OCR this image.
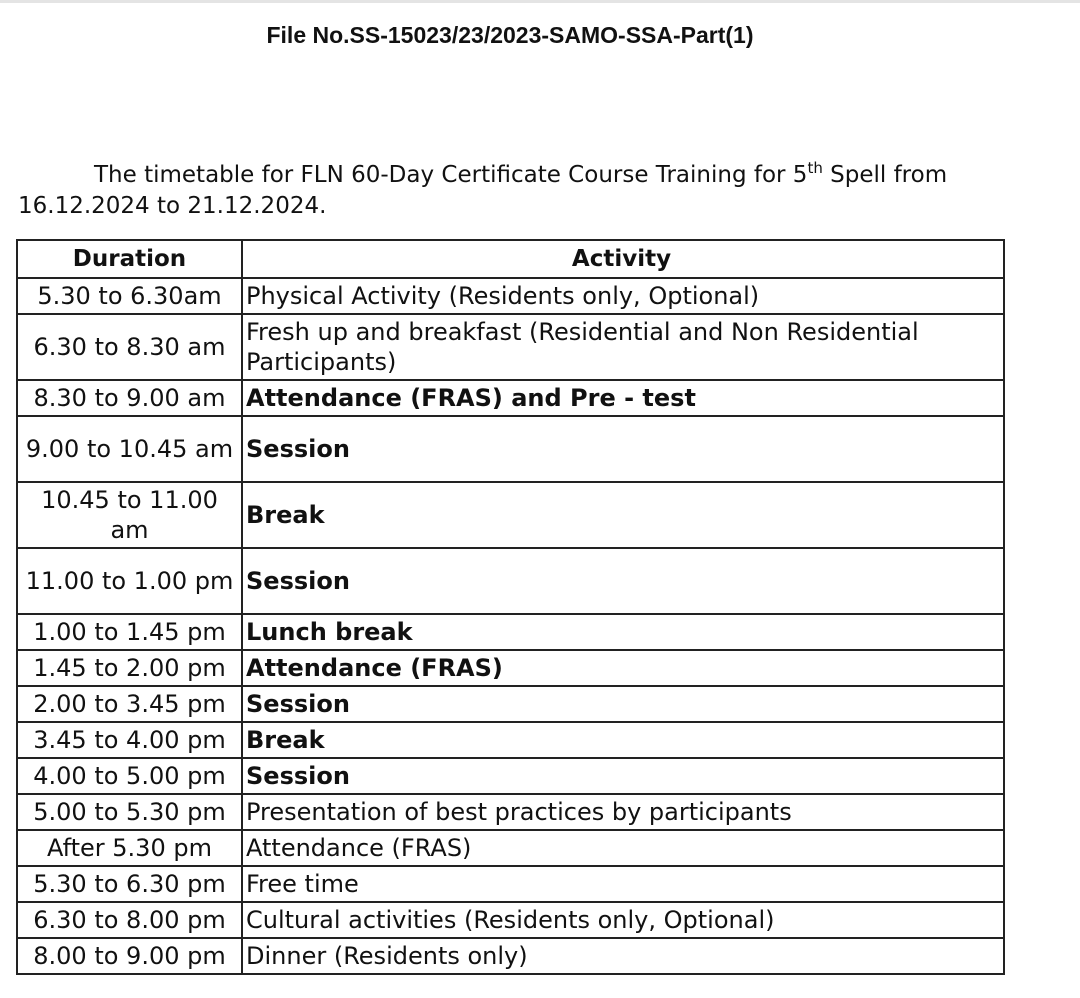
File No.SS-15023/23/2023-SAMO-SSA-Part(1)
The timetable for FLN 60-Day Certificate Course Training for 5th Spell from
16.12.2024 to 21.12.2024.
Duration	Activity
5.30 to 6.30am	Physical Activity (Residents only, Optional)
6.30 to 8.30 am	Fresh up and breakfast (Residential and Non Residential Participants)
8.30 to 9.00 am	Attendance (FRAS) and Pre - test
9.00 to 10.45 am	Session
10.45 to 11.00 am	Break
11.00 to 1.00 pm	Session
1.00 to 1.45 pm	Lunch break
1.45 to 2.00 pm	Attendance (FRAS)
2.00 to 3.45 pm	Session
3.45 to 4.00 pm	Break
4.00 to 5.00 pm	Session
5.00 to 5.30 pm	Presentation of best practices by participants
After 5.30 pm	Attendance (FRAS)
5.30 to 6.30 pm	Free time
6.30 to 8.00 pm	Cultural activities (Residents only, Optional)
8.00 to 9.00 pm	Dinner (Residents only)
